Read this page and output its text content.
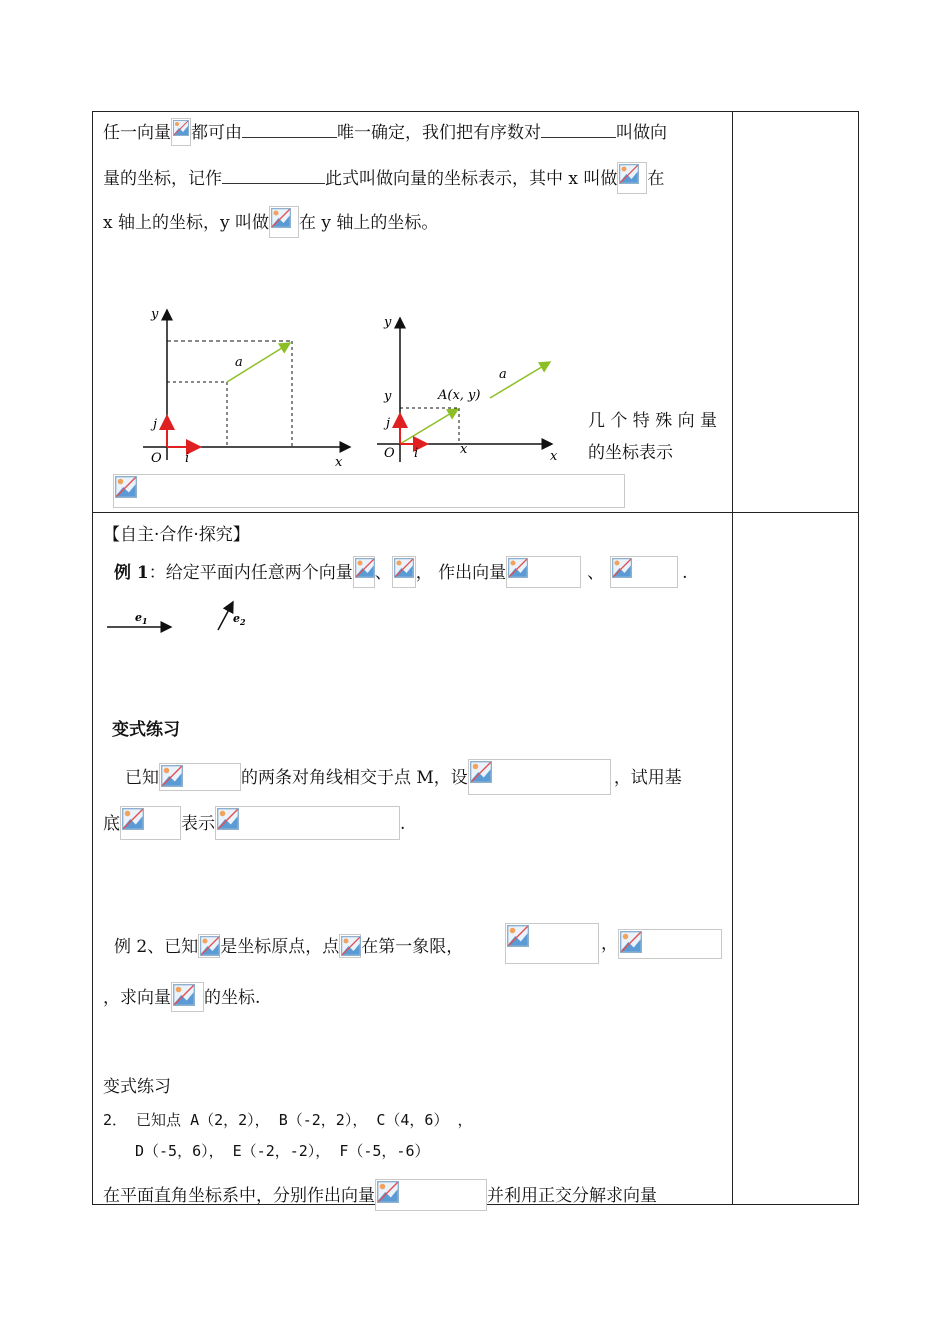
任一向量 都可由	唯一确定，我们把有序数对	叫做向
量的坐标，记作	此式叫做向量的坐标表示，其中 x 叫做 在
x 轴上的坐标，y 叫做 在 y 轴上的坐标。
y
x
O i
j
a
y
x
O i
j
y
x
A(x, y)
a
几 个 特 殊 向 量
的坐标表示
【自主·合作·探究】
例 1：给定平面内任意两个向量 、 ， 作出向量	、	.
$e_1$	$e_2$
变式练习
已知	的两条对角线相交于点 M，设	，试用基
底	表示	.
例 2、已知 是坐标原点，点 在第一象限，	，
，求向量 的坐标.
变式练习
2． 已知点 A（2，2）， B（-2，2）， C（4，6） ，
D（-5，6）， E（-2，-2）， F（-5，-6）
在平面直角坐标系中，分别作出向量	并利用正交分解求向量
